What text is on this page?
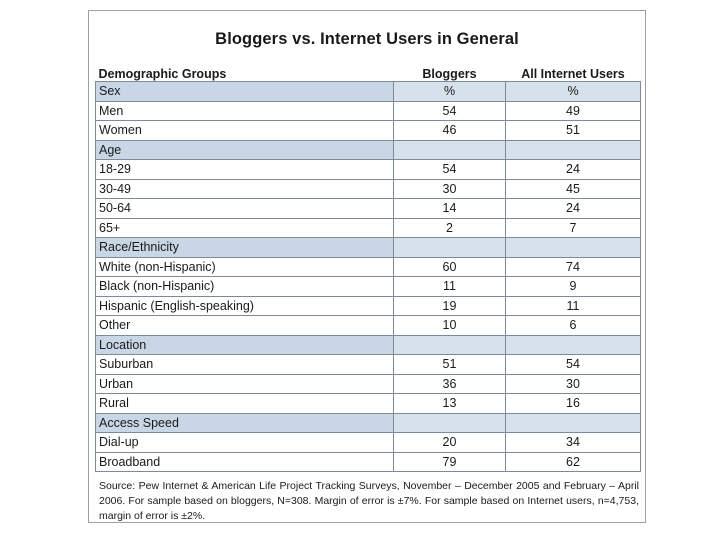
Bloggers vs. Internet Users in General
Demographic Groups	Bloggers	All Internet Users
Sex	%	%
Men	54	49
Women	46	51
Age		
18-29	54	24
30-49	30	45
50-64	14	24
65+	2	7
Race/Ethnicity		
White (non-Hispanic)	60	74
Black (non-Hispanic)	11	9
Hispanic (English-speaking)	19	11
Other	10	6
Location		
Suburban	51	54
Urban	36	30
Rural	13	16
Access Speed		
Dial-up	20	34
Broadband	79	62
Source: Pew Internet & American Life Project Tracking Surveys, November – December 2005 and February – April 2006. For sample based on bloggers, N=308. Margin of error is ±7%. For sample based on Internet users, n=4,753, margin of error is ±2%.
